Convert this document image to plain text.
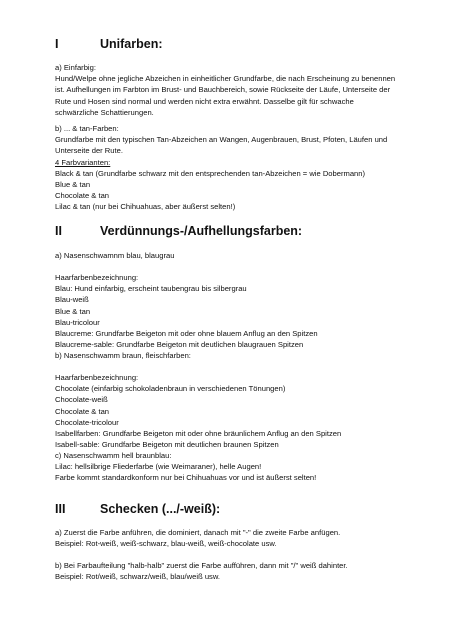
I	Unifarben:

a) Einfarbig:

Hund/Welpe ohne jegliche Abzeichen in einheitlicher Grundfarbe, die nach Erscheinung zu benennen

ist. Aufhellungen im Farbton im Brust- und Bauchbereich, sowie Rückseite der Läufe, Unterseite der

Rute und Hosen sind normal und werden nicht extra erwähnt. Dasselbe gilt für schwache

schwärzliche Schattierungen.

b) ... & tan-Farben:

Grundfarbe mit den typischen Tan-Abzeichen an Wangen, Augenbrauen, Brust, Pfoten, Läufen und

Unterseite der Rute.

4 Farbvarianten:

Black & tan (Grundfarbe schwarz mit den entsprechenden tan-Abzeichen = wie Dobermann)

Blue & tan

Chocolate & tan

Lilac & tan (nur bei Chihuahuas, aber äußerst selten!)

II	Verdünnungs-/Aufhellungsfarben:

a) Nasenschwamnm blau, blaugrau

Haarfarbenbezeichnung:

Blau: Hund einfarbig, erscheint taubengrau bis silbergrau

Blau-weiß

Blue & tan

Blau-tricolour

Blaucreme: Grundfarbe Beigeton mit oder ohne blauem Anflug an den Spitzen

Blaucreme-sable: Grundfarbe Beigeton mit deutlichen blaugrauen Spitzen

b) Nasenschwamm braun, fleischfarben:

Haarfarbenbezeichnung:

Chocolate (einfarbig schokoladenbraun in verschiedenen Tönungen)

Chocolate-weiß

Chocolate & tan

Chocolate-tricolour

Isabellfarben: Grundfarbe Beigeton mit oder ohne bräunlichem Anflug an den Spitzen

Isabell-sable: Grundfarbe Beigeton mit deutlichen braunen Spitzen

c) Nasenschwamm hell braunblau:

Lilac: hellsilbrige Fliederfarbe (wie Weimaraner), helle Augen!

Farbe kommt standardkonform nur bei Chihuahuas vor und ist äußerst selten!

III	Schecken (.../-weiß):

a) Zuerst die Farbe anführen, die dominiert, danach mit "-" die zweite Farbe anfügen.

Beispiel: Rot-weiß, weiß-schwarz, blau-weiß, weiß-chocolate usw.

b) Bei Farbaufteilung "halb-halb" zuerst die Farbe aufführen, dann mit "/" weiß dahinter.

Beispiel: Rot/weiß, schwarz/weiß, blau/weiß usw.
